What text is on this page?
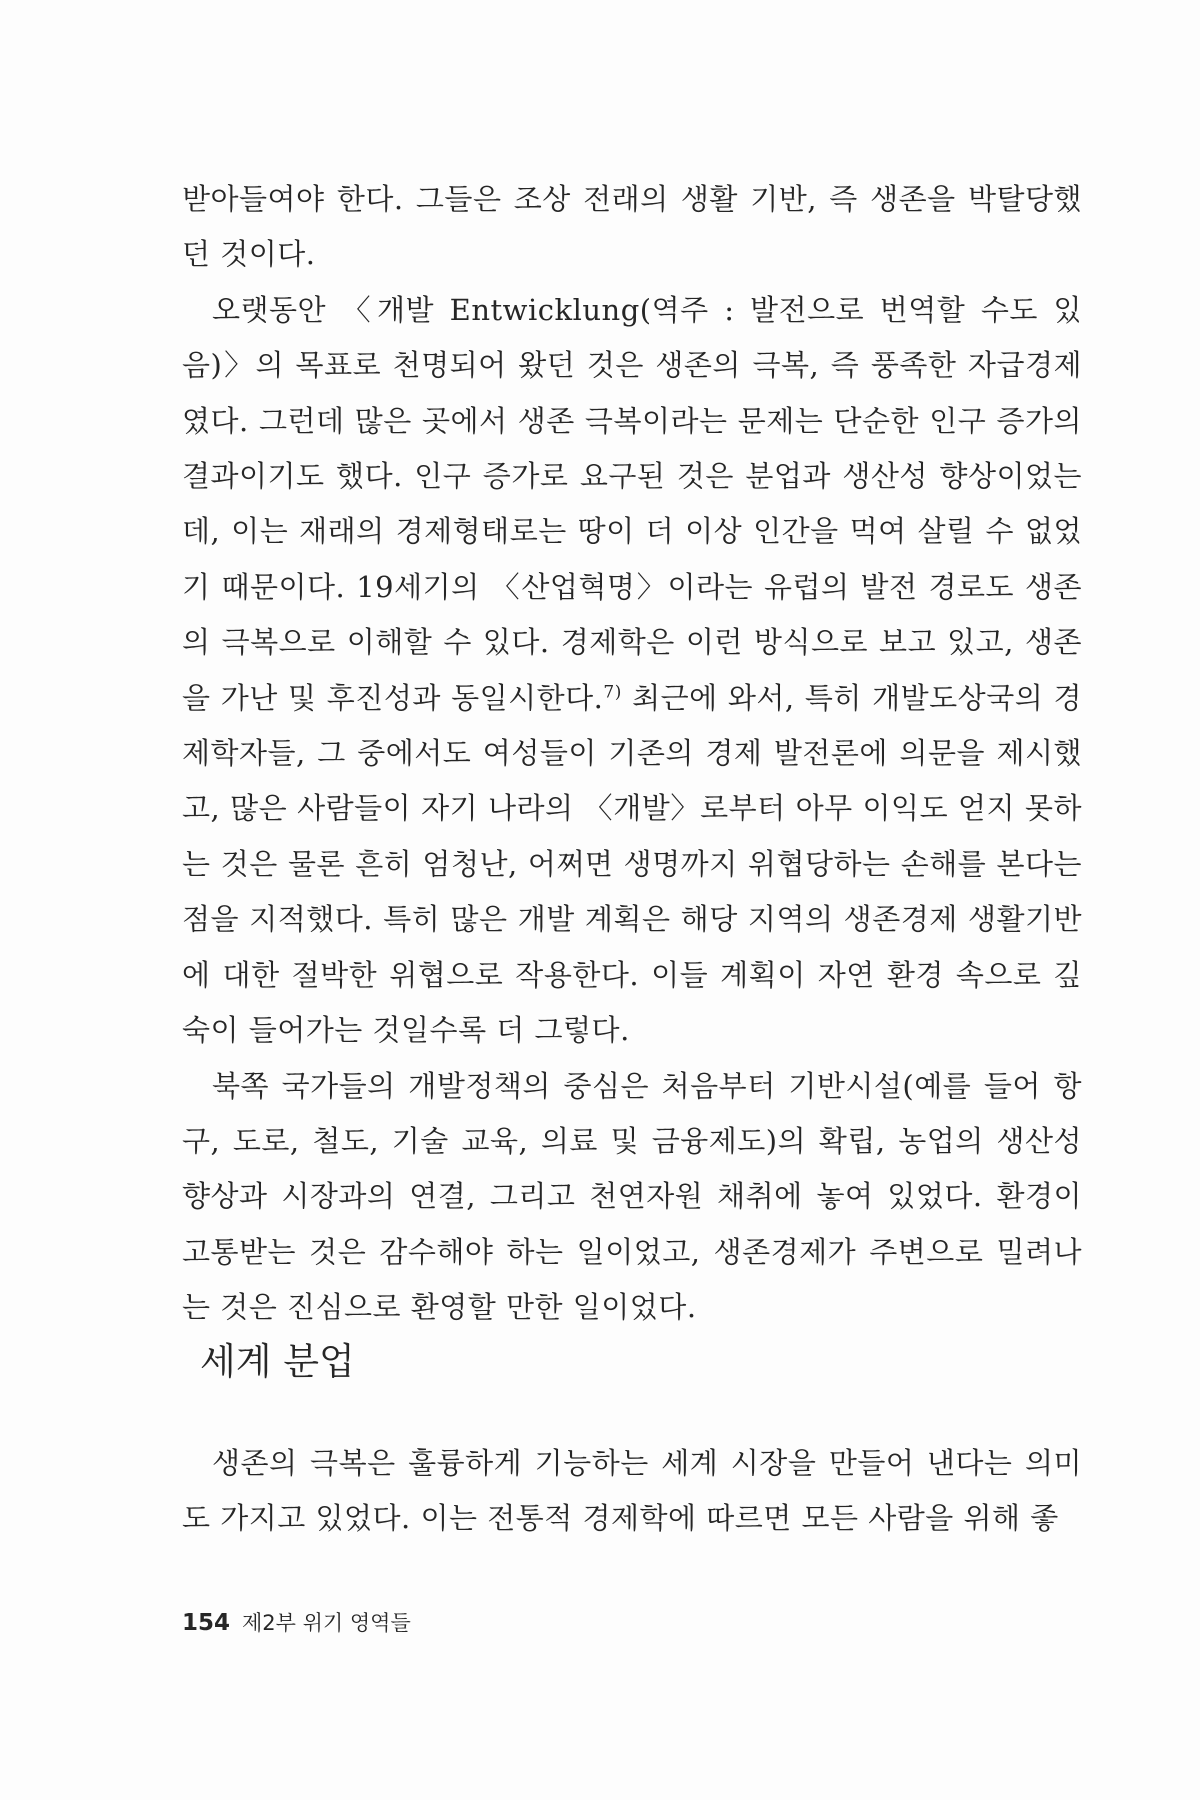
받아들여야 한다. 그들은 조상 전래의 생활 기반, 즉 생존을 박탈당했던 것이다.

오랫동안 〈개발 Entwicklung(역주 : 발전으로 번역할 수도 있음)〉의 목표로 천명되어 왔던 것은 생존의 극복, 즉 풍족한 자급경제였다. 그런데 많은 곳에서 생존 극복이라는 문제는 단순한 인구 증가의 결과이기도 했다. 인구 증가로 요구된 것은 분업과 생산성 향상이었는데, 이는 재래의 경제형태로는 땅이 더 이상 인간을 먹여 살릴 수 없었기 때문이다. 19세기의 〈산업혁명〉이라는 유럽의 발전 경로도 생존의 극복으로 이해할 수 있다. 경제학은 이런 방식으로 보고 있고, 생존을 가난 및 후진성과 동일시한다.$^{7)}$ 최근에 와서, 특히 개발도상국의 경제학자들, 그 중에서도 여성들이 기존의 경제 발전론에 의문을 제시했고, 많은 사람들이 자기 나라의 〈개발〉로부터 아무 이익도 얻지 못하는 것은 물론 흔히 엄청난, 어쩌면 생명까지 위협당하는 손해를 본다는 점을 지적했다. 특히 많은 개발 계획은 해당 지역의 생존경제 생활기반에 대한 절박한 위협으로 작용한다. 이들 계획이 자연 환경 속으로 깊숙이 들어가는 것일수록 더 그렇다.

북쪽 국가들의 개발정책의 중심은 처음부터 기반시설(예를 들어 항구, 도로, 철도, 기술 교육, 의료 및 금융제도)의 확립, 농업의 생산성 향상과 시장과의 연결, 그리고 천연자원 채취에 놓여 있었다. 환경이 고통받는 것은 감수해야 하는 일이었고, 생존경제가 주변으로 밀려나는 것은 진심으로 환영할 만한 일이었다.

세계 분업

생존의 극복은 훌륭하게 기능하는 세계 시장을 만들어 낸다는 의미도 가지고 있었다. 이는 전통적 경제학에 따르면 모든 사람을 위해 좋

154 제2부 위기 영역들
